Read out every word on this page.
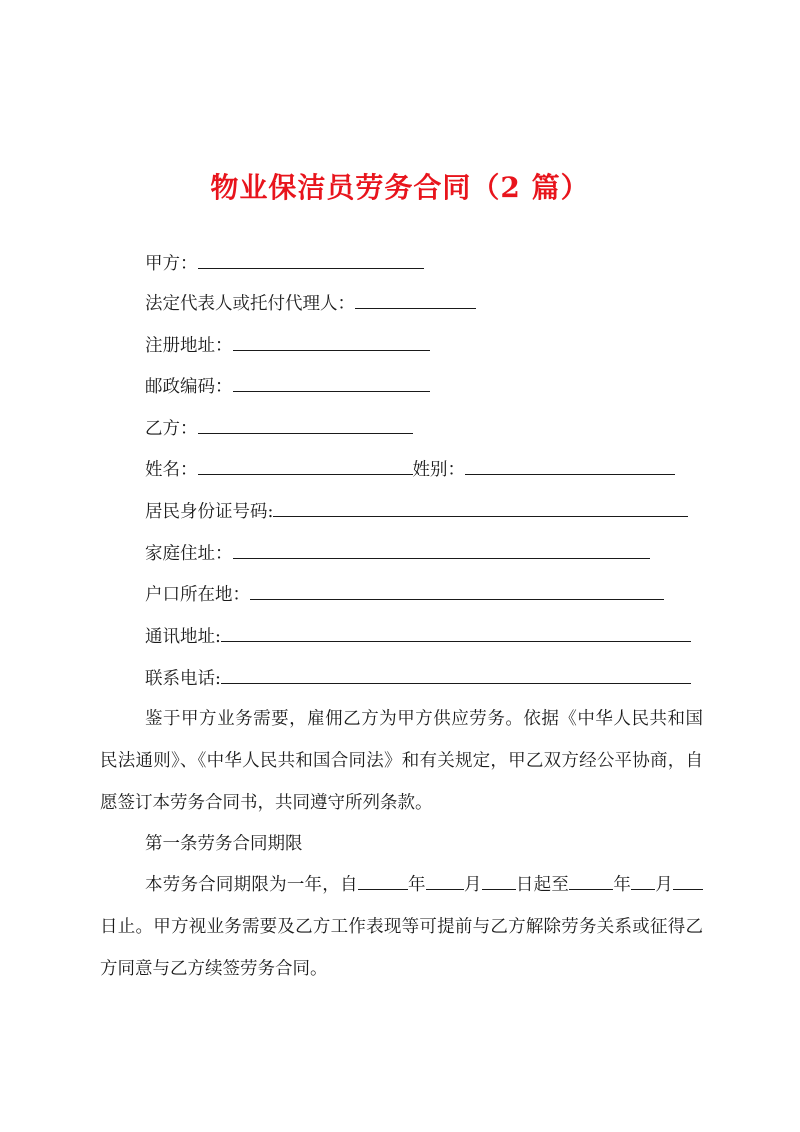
物业保洁员劳务合同（2 篇）
甲方：
法定代表人或托付代理人：
注册地址：
邮政编码：
乙方：
姓名：	姓别：
居民身份证号码:
家庭住址：
户口所在地：
通讯地址:
联系电话:
鉴于甲方业务需要，雇佣乙方为甲方供应劳务。依据《中华人民共和国民法通则》、《中华人民共和国合同法》和有关规定，甲乙双方经公平协商，自愿签订本劳务合同书，共同遵守所列条款。
第一条劳务合同期限
本劳务合同期限为一年，自	年 月 日起至	年 月日止。甲方视业务需要及乙方工作表现等可提前与乙方解除劳务关系或征得乙方同意与乙方续签劳务合同。
